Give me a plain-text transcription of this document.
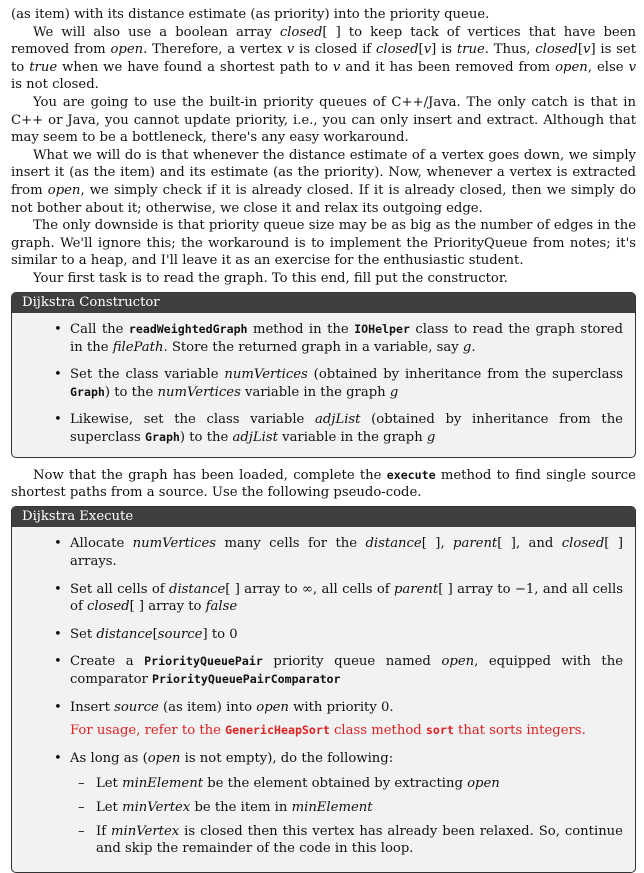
(as item) with its distance estimate (as priority) into the priority queue.

We will also use a boolean array closed[ ] to keep tack of vertices that have been removed from open. Therefore, a vertex v is closed if closed[v] is true. Thus, closed[v] is set to true when we have found a shortest path to v and it has been removed from open, else v is not closed.

You are going to use the built-in priority queues of C++/Java. The only catch is that in C++ or Java, you cannot update priority, i.e., you can only insert and extract. Although that may seem to be a bottleneck, there's any easy workaround.

What we will do is that whenever the distance estimate of a vertex goes down, we simply insert it (as the item) and its estimate (as the priority). Now, whenever a vertex is extracted from open, we simply check if it is already closed. If it is already closed, then we simply do not bother about it; otherwise, we close it and relax its outgoing edge.

The only downside is that priority queue size may be as big as the number of edges in the graph. We'll ignore this; the workaround is to implement the PriorityQueue from notes; it's similar to a heap, and I'll leave it as an exercise for the enthusiastic student.

Your first task is to read the graph. To this end, fill put the constructor.

Dijkstra Constructor
• Call the readWeightedGraph method in the IOHelper class to read the graph stored in the filePath. Store the returned graph in a variable, say g.
• Set the class variable numVertices (obtained by inheritance from the superclass Graph) to the numVertices variable in the graph g
• Likewise, set the class variable adjList (obtained by inheritance from the superclass Graph) to the adjList variable in the graph g

Now that the graph has been loaded, complete the execute method to find single source shortest paths from a source. Use the following pseudo-code.

Dijkstra Execute
• Allocate numVertices many cells for the distance[ ], parent[ ], and closed[ ] arrays.
• Set all cells of distance[ ] array to ∞, all cells of parent[ ] array to −1, and all cells of closed[ ] array to false
• Set distance[source] to 0
• Create a PriorityQueuePair priority queue named open, equipped with the comparator PriorityQueuePairComparator
• Insert source (as item) into open with priority 0.
For usage, refer to the GenericHeapSort class method sort that sorts integers.
• As long as (open is not empty), do the following:
– Let minElement be the element obtained by extracting open
– Let minVertex be the item in minElement
– If minVertex is closed then this vertex has already been relaxed. So, continue and skip the remainder of the code in this loop.
